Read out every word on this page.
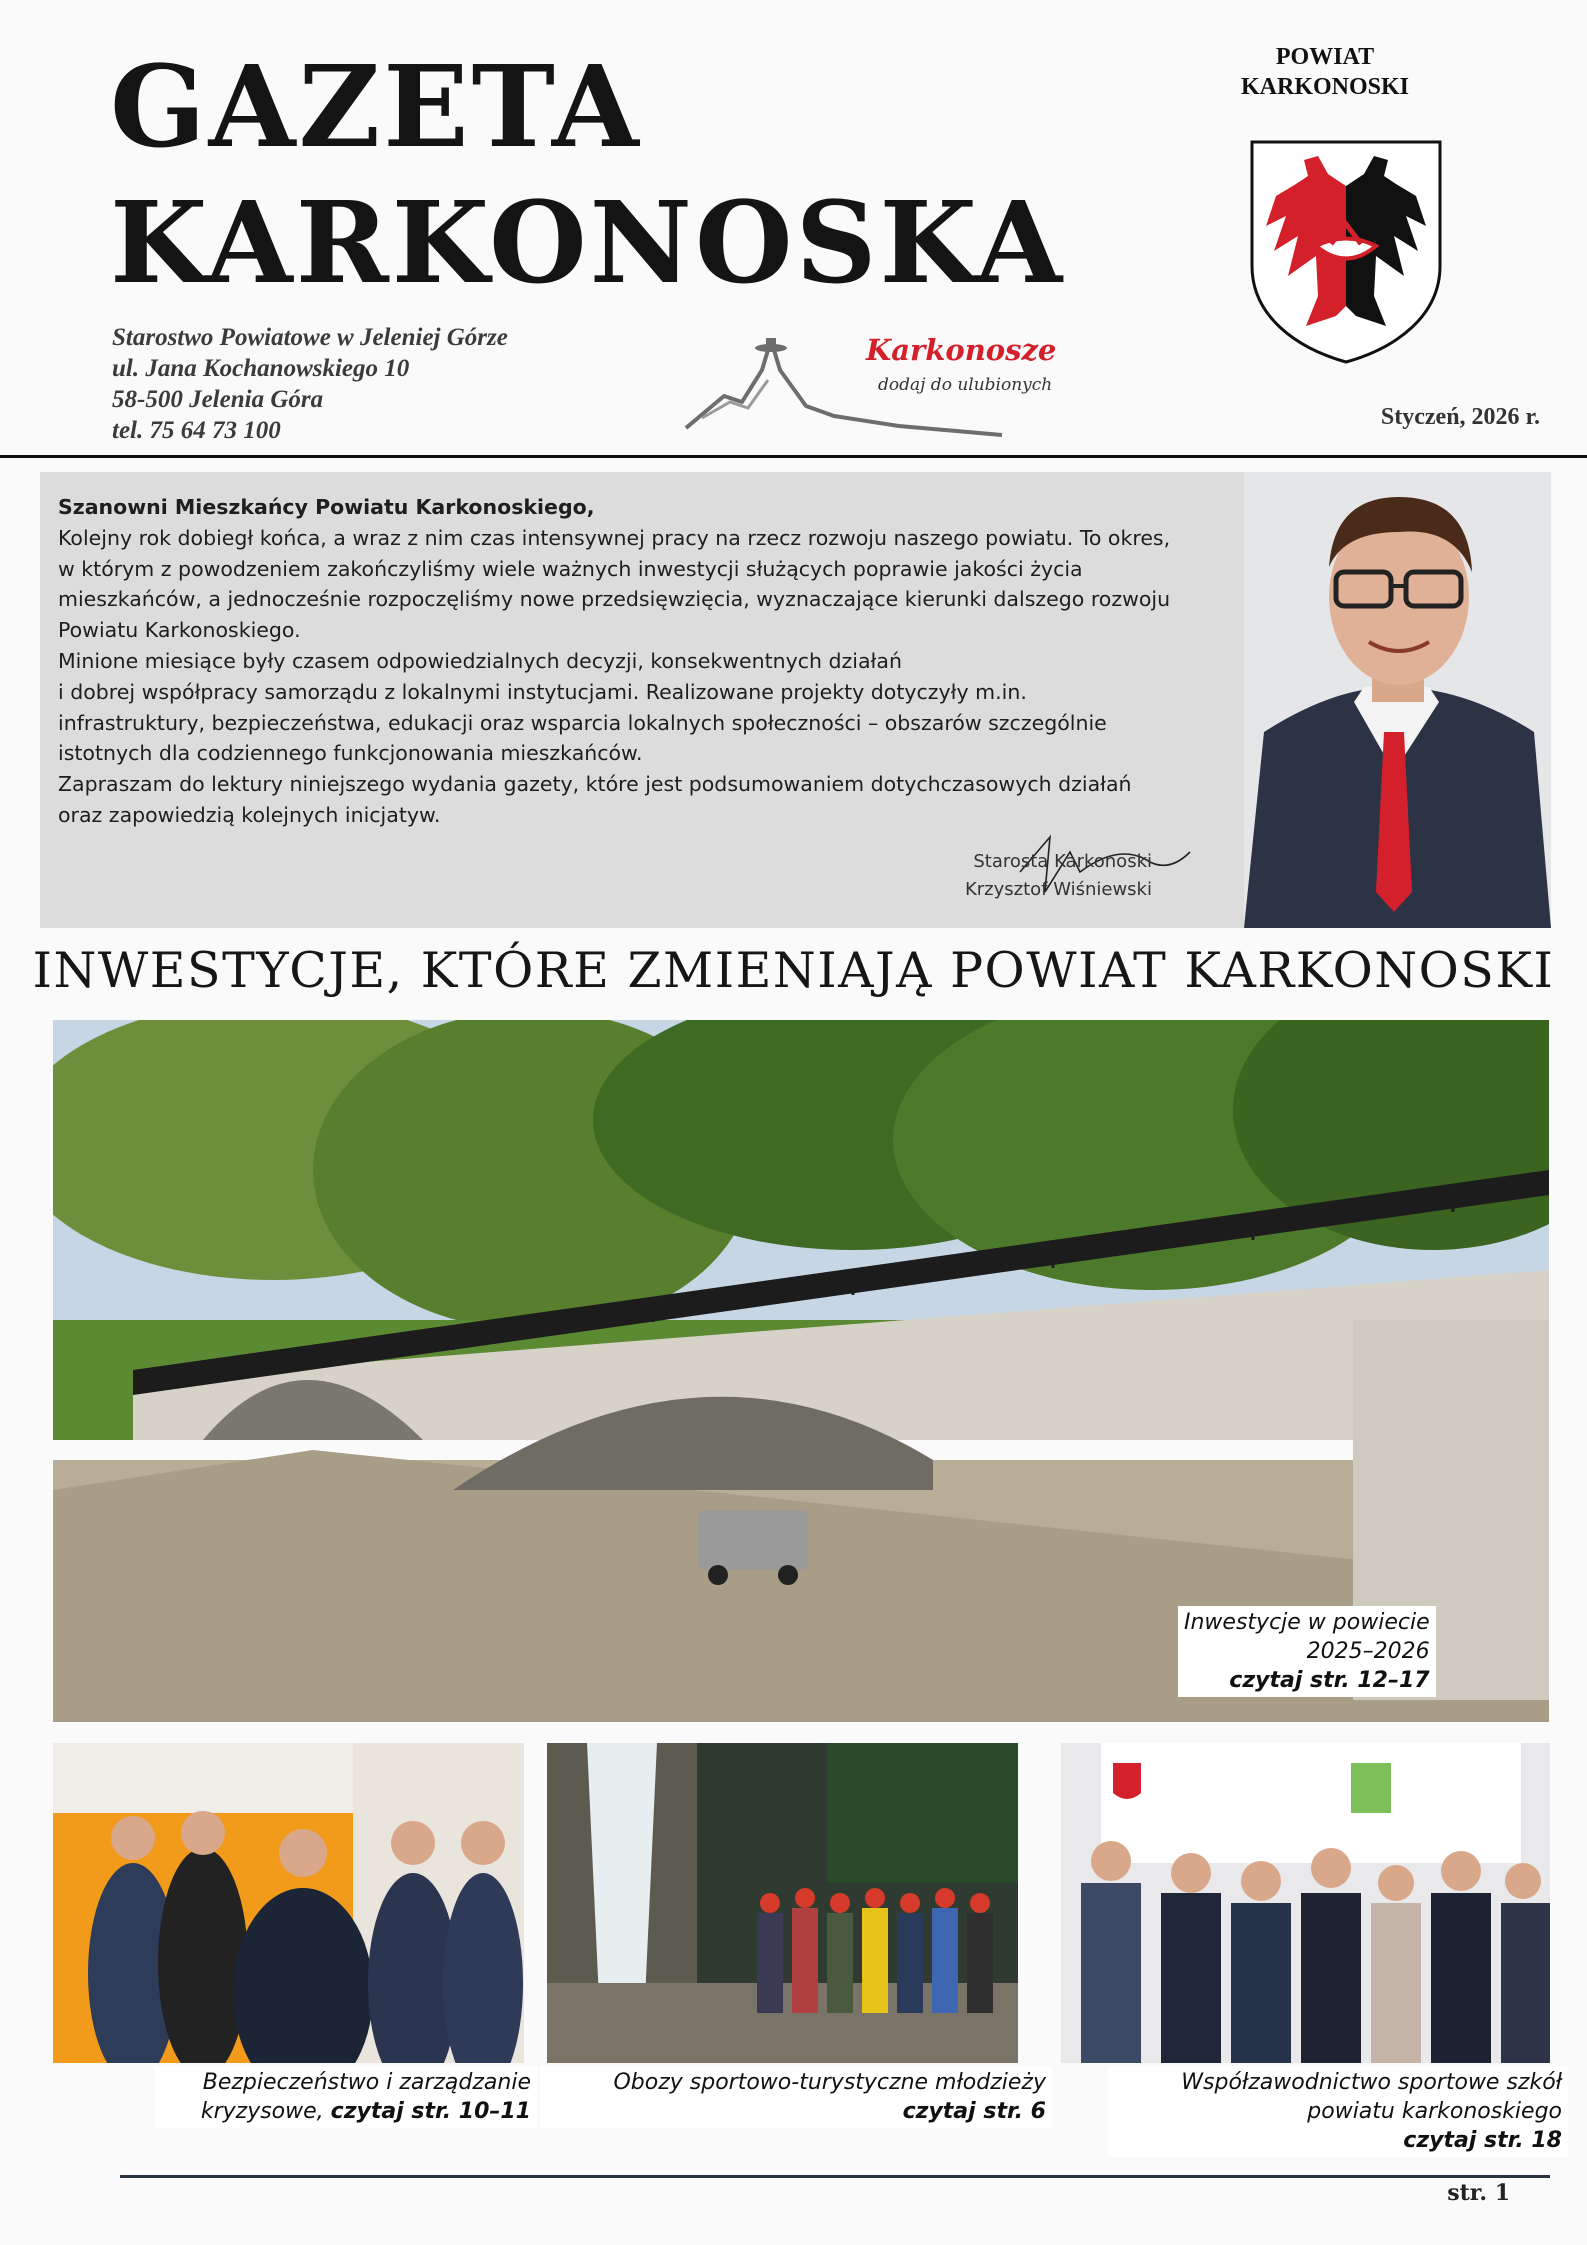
GAZETA
KARKONOSKA
Starostwo Powiatowe w Jeleniej Górze
ul. Jana Kochanowskiego 10
58-500 Jelenia Góra
tel. 75 64 73 100
Karkonosze
dodaj do ulubionych
POWIAT
KARKONOSKI
Styczeń, 2026 r.

Szanowni Mieszkańcy Powiatu Karkonoskiego,

Kolejny rok dobiegł końca, a wraz z nim czas intensywnej pracy na rzecz rozwoju naszego powiatu. To okres,

w którym z powodzeniem zakończyliśmy wiele ważnych inwestycji służących poprawie jakości życia

mieszkańców, a jednocześnie rozpoczęliśmy nowe przedsięwzięcia, wyznaczające kierunki dalszego rozwoju

Powiatu Karkonoskiego.

Minione miesiące były czasem odpowiedzialnych decyzji, konsekwentnych działań

i dobrej współpracy samorządu z lokalnymi instytucjami. Realizowane projekty dotyczyły m.in.

infrastruktury, bezpieczeństwa, edukacji oraz wsparcia lokalnych społeczności – obszarów szczególnie

istotnych dla codziennego funkcjonowania mieszkańców.

Zapraszam do lektury niniejszego wydania gazety, które jest podsumowaniem dotychczasowych działań

oraz zapowiedzią kolejnych inicjatyw.

Starosta Karkonoski
Krzysztof Wiśniewski
INWESTYCJE, KTÓRE ZMIENIAJĄ POWIAT KARKONOSKI
Inwestycje w powiecie
2025–2026
czytaj str. 12–17
Bezpieczeństwo i zarządzanie
kryzysowe, czytaj str. 10–11
Obozy sportowo-turystyczne młodzieży
czytaj str. 6
Współzawodnictwo sportowe szkół
powiatu karkonoskiego
czytaj str. 18
str. 1
